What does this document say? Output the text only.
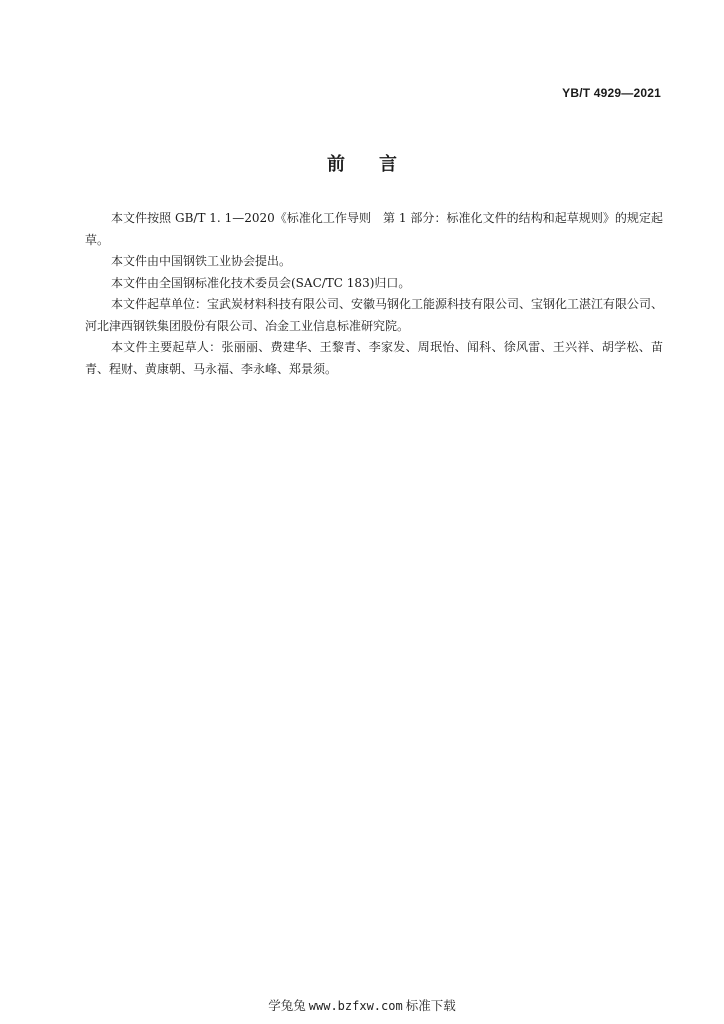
YB/T 4929—2021
前 言

本文件按照 GB/T 1. 1—2020《标准化工作导则　第 1 部分：标准化文件的结构和起草规则》的规定起草。

本文件由中国钢铁工业协会提出。

本文件由全国钢标准化技术委员会(SAC/TC 183)归口。

本文件起草单位：宝武炭材料科技有限公司、安徽马钢化工能源科技有限公司、宝钢化工湛江有限公司、河北津西钢铁集团股份有限公司、冶金工业信息标准研究院。

本文件主要起草人：张丽丽、费建华、王黎青、李家发、周珉怡、闻科、徐风雷、王兴祥、胡学松、苗青、程财、黄康朝、马永福、李永峰、郑景须。

学兔兔 www.bzfxw.com 标准下载
